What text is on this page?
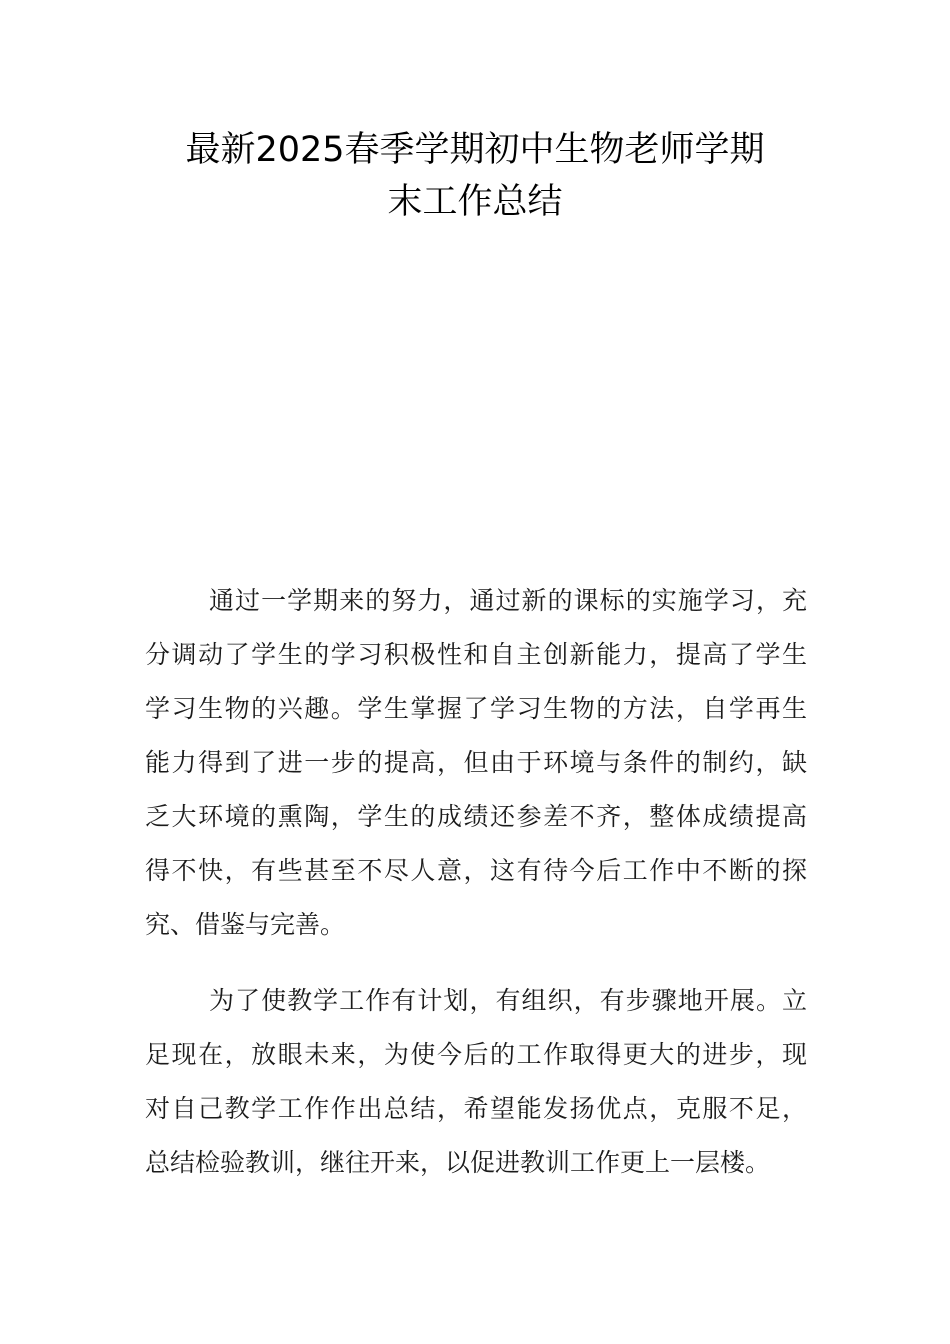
最新2025春季学期初中生物老师学期
末工作总结

通过一学期来的努力，通过新的课标的实施学习，充
分调动了学生的学习积极性和自主创新能力，提高了学生
学习生物的兴趣。学生掌握了学习生物的方法，自学再生
能力得到了进一步的提高，但由于环境与条件的制约，缺
乏大环境的熏陶，学生的成绩还参差不齐，整体成绩提高
得不快，有些甚至不尽人意，这有待今后工作中不断的探
究、借鉴与完善。

为了使教学工作有计划，有组织，有步骤地开展。立
足现在，放眼未来，为使今后的工作取得更大的进步，现
对自己教学工作作出总结，希望能发扬优点，克服不足，
总结检验教训，继往开来，以促进教训工作更上一层楼。
